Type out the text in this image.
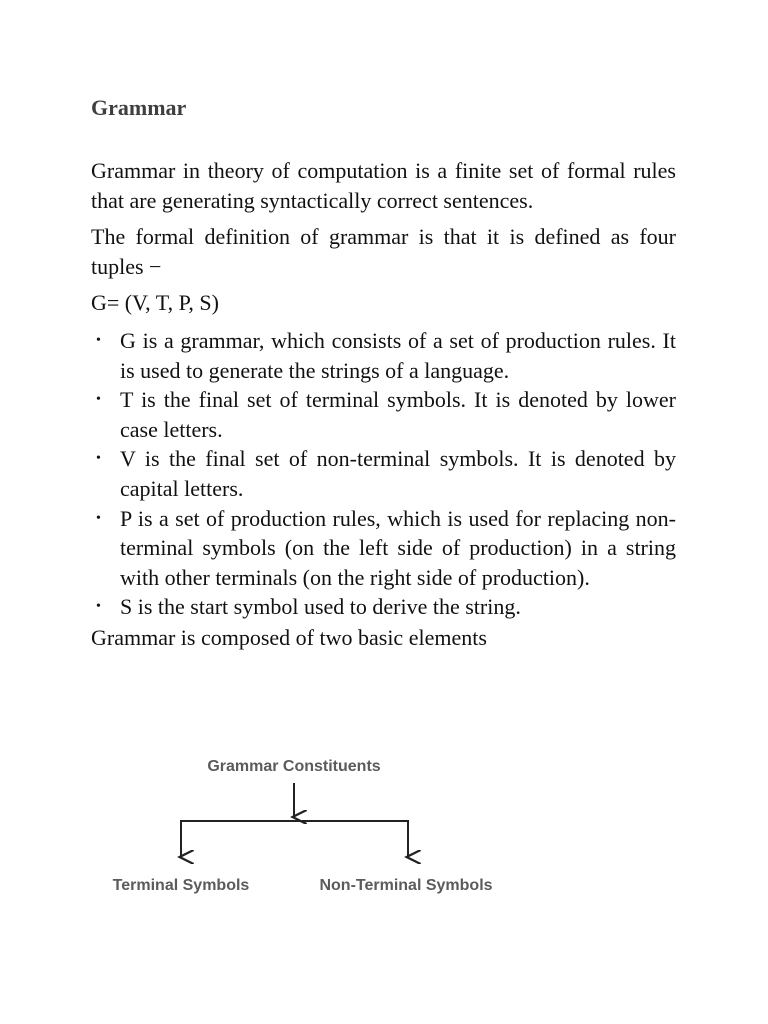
Grammar

Grammar in theory of computation is a finite set of formal rules that are generating syntactically correct sentences.

The formal definition of grammar is that it is defined as four tuples −

G= (V, T, P, S)

• G is a grammar, which consists of a set of production rules. It is used to generate the strings of a language.
• T is the final set of terminal symbols. It is denoted by lower case letters.
• V is the final set of non-terminal symbols. It is denoted by capital letters.
• P is a set of production rules, which is used for replacing non-terminal symbols (on the left side of production) in a string with other terminals (on the right side of production).
• S is the start symbol used to derive the string.

Grammar is composed of two basic elements

Grammar Constituents
Terminal Symbols	Non-Terminal Symbols
